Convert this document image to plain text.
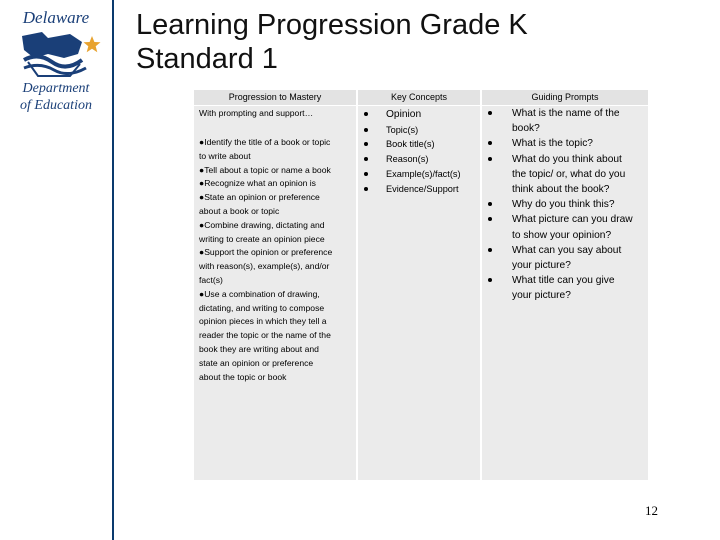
Delaware
Department
of Education
Learning Progression Grade K
Standard 1
Progression to Mastery
With prompting and support…
●Identify the title of a book or topic
to write about
●Tell about a topic or name a book
●Recognize what an opinion is
●State an opinion or preference
about a book or topic
●Combine drawing, dictating and
writing to create an opinion piece
●Support the opinion or preference
with reason(s), example(s), and/or
fact(s)
●Use a combination of drawing,
dictating, and writing to compose
opinion pieces in which they tell a
reader the topic or the name of the
book they are writing about and
state an opinion or preference
about the topic or book
Key Concepts
Opinion
Topic(s)
Book title(s)
Reason(s)
Example(s)/fact(s)
Evidence/Support
Guiding Prompts
What is the name of the
book?
What is the topic?
What do you think about
the topic/ or, what do you
think about the book?
Why do you think this?
What picture can you draw
to show your opinion?
What can you say about
your picture?
What title can you give
your picture?
12
